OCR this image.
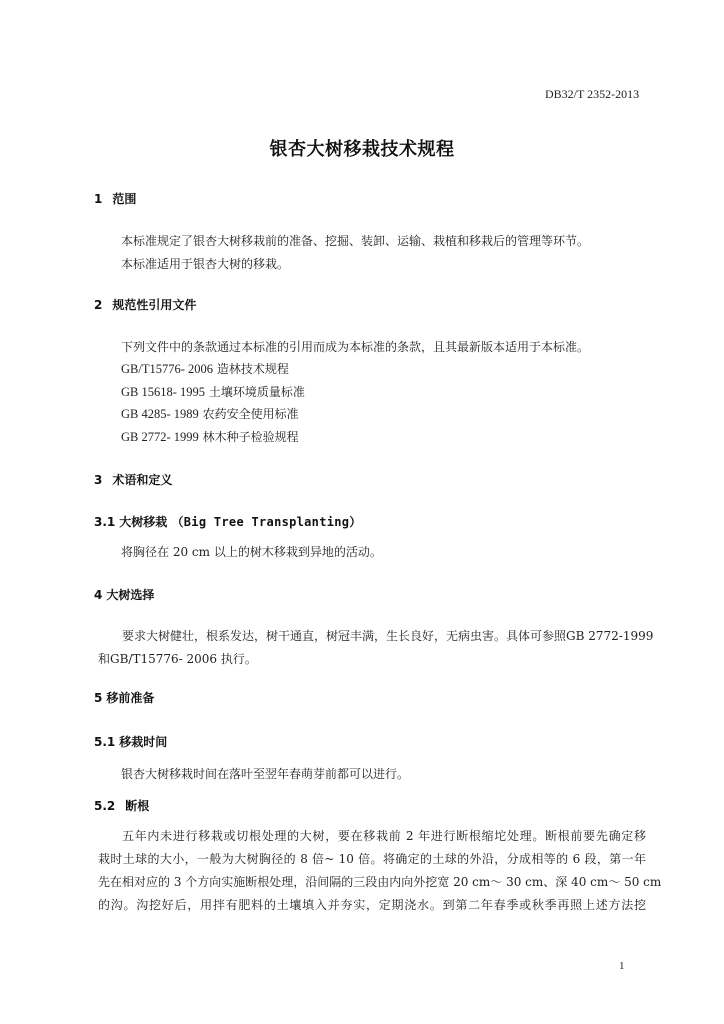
DB32/T 2352-2013
银杏大树移栽技术规程
1 范围
本标准规定了银杏大树移栽前的准备、挖掘、装卸、运输、栽植和移栽后的管理等环节。
本标准适用于银杏大树的移栽。
2 规范性引用文件
下列文件中的条款通过本标准的引用而成为本标准的条款，且其最新版本适用于本标准。
GB/T15776- 2006 造林技术规程
GB 15618- 1995 土壤环境质量标准
GB 4285- 1989 农药安全使用标准
GB 2772- 1999 林木种子检验规程
3 术语和定义
3.1 大树移栽 （Big Tree Transplanting）
将胸径在 20 cm 以上的树木移栽到异地的活动。
4 大树选择
要求大树健壮，根系发达，树干通直，树冠丰满，生长良好，无病虫害。具体可参照GB 2772-1999
和GB/T15776- 2006 执行。
5 移前准备
5.1 移栽时间
银杏大树移栽时间在落叶至翌年春萌芽前都可以进行。
5.2 断根
五年内未进行移栽或切根处理的大树，要在移栽前 2 年进行断根缩坨处理。断根前要先确定移
栽时土球的大小，一般为大树胸径的 8 倍~ 10 倍。将确定的土球的外沿，分成相等的 6 段，第一年
先在相对应的 3 个方向实施断根处理，沿间隔的三段由内向外挖宽 20 cm～ 30 cm、深 40 cm～ 50 cm
的沟。沟挖好后，用拌有肥料的土壤填入并夯实，定期浇水。到第二年春季或秋季再照上述方法挖
1
